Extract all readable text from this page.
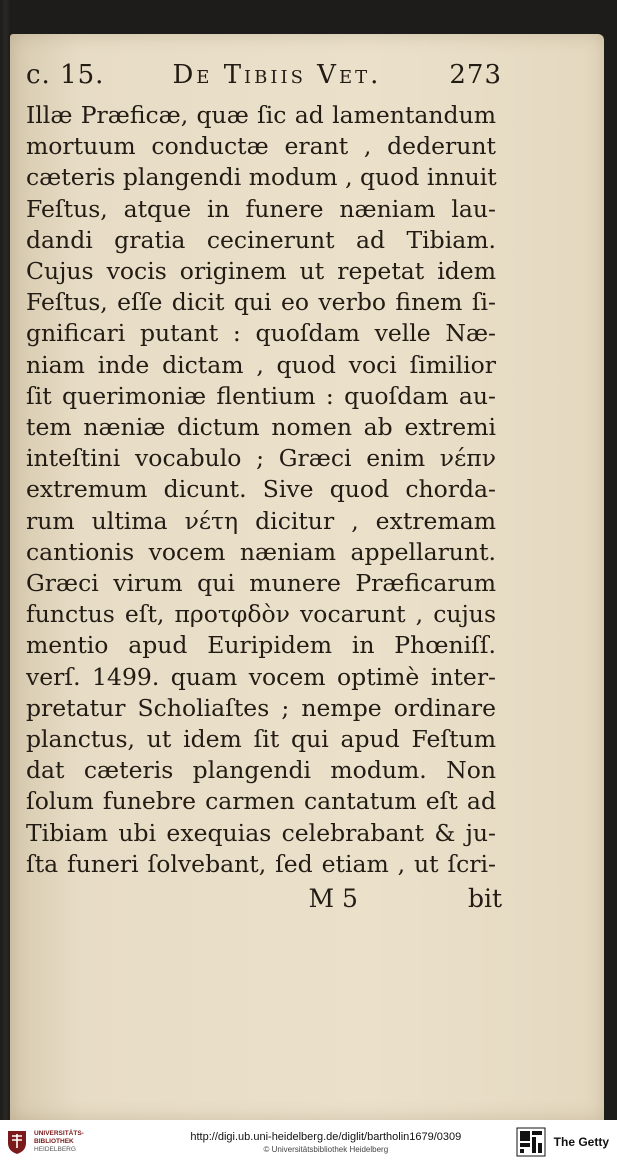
c. 15.	De Tibiis Vet.	273
Illæ Præficæ, quæ ſic ad lamentandum
mortuum conductæ erant , dederunt
cæteris plangendi modum , quod innuit
Feſtus, atque in funere næniam lau-
dandi gratia cecinerunt ad Tibiam.
Cujus vocis originem ut repetat idem
Feſtus, eſſe dicit qui eo verbo finem ſi-
gnificari putant : quoſdam velle Næ-
niam inde dictam , quod voci ſimilior
ſit querimoniæ flentium : quoſdam au-
tem næniæ dictum nomen ab extremi
inteſtini vocabulo ; Græci enim νέπν
extremum dicunt. Sive quod chorda-
rum ultima νέτη dicitur , extremam
cantionis vocem næniam appellarunt.
Græci virum qui munere Præficarum
functus eſt, προτφδὸν vocarunt , cujus
mentio apud Euripidem in Phœniſſ.
verſ. 1499. quam vocem optimè inter-
pretatur Scholiaſtes ; nempe ordinare
planctus, ut idem ſit qui apud Feſtum
dat cæteris plangendi modum. Non
ſolum funebre carmen cantatum eſt ad
Tibiam ubi exequias celebrabant & ju-
ſta funeri ſolvebant, ſed etiam , ut ſcri-
M 5	bit
UNIVERSITÄTS-
BIBLIOTHEK
HEIDELBERG
http://digi.ub.uni-heidelberg.de/diglit/bartholin1679/0309
© Universitätsbibliothek Heidelberg	The Getty
